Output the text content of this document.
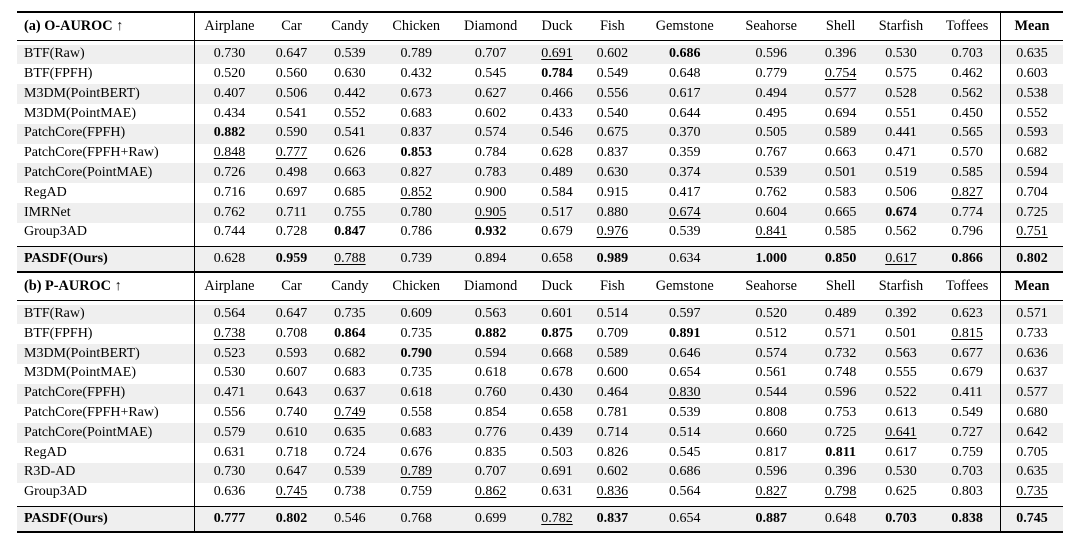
(a) O-AUROC ↑	Airplane	Car	Candy	Chicken	Diamond	Duck	Fish	Gemstone	Seahorse	Shell	Starfish	Toffees	Mean

BTF(Raw)	0.730	0.647	0.539	0.789	0.707	0.691	0.602	0.686	0.596	0.396	0.530	0.703	0.635
BTF(FPFH)	0.520	0.560	0.630	0.432	0.545	0.784	0.549	0.648	0.779	0.754	0.575	0.462	0.603
M3DM(PointBERT)	0.407	0.506	0.442	0.673	0.627	0.466	0.556	0.617	0.494	0.577	0.528	0.562	0.538
M3DM(PointMAE)	0.434	0.541	0.552	0.683	0.602	0.433	0.540	0.644	0.495	0.694	0.551	0.450	0.552
PatchCore(FPFH)	0.882	0.590	0.541	0.837	0.574	0.546	0.675	0.370	0.505	0.589	0.441	0.565	0.593
PatchCore(FPFH+Raw)	0.848	0.777	0.626	0.853	0.784	0.628	0.837	0.359	0.767	0.663	0.471	0.570	0.682
PatchCore(PointMAE)	0.726	0.498	0.663	0.827	0.783	0.489	0.630	0.374	0.539	0.501	0.519	0.585	0.594
RegAD	0.716	0.697	0.685	0.852	0.900	0.584	0.915	0.417	0.762	0.583	0.506	0.827	0.704
IMRNet	0.762	0.711	0.755	0.780	0.905	0.517	0.880	0.674	0.604	0.665	0.674	0.774	0.725
Group3AD	0.744	0.728	0.847	0.786	0.932	0.679	0.976	0.539	0.841	0.585	0.562	0.796	0.751

PASDF(Ours)	0.628	0.959	0.788	0.739	0.894	0.658	0.989	0.634	1.000	0.850	0.617	0.866	0.802
(b) P-AUROC ↑	Airplane	Car	Candy	Chicken	Diamond	Duck	Fish	Gemstone	Seahorse	Shell	Starfish	Toffees	Mean

BTF(Raw)	0.564	0.647	0.735	0.609	0.563	0.601	0.514	0.597	0.520	0.489	0.392	0.623	0.571
BTF(FPFH)	0.738	0.708	0.864	0.735	0.882	0.875	0.709	0.891	0.512	0.571	0.501	0.815	0.733
M3DM(PointBERT)	0.523	0.593	0.682	0.790	0.594	0.668	0.589	0.646	0.574	0.732	0.563	0.677	0.636
M3DM(PointMAE)	0.530	0.607	0.683	0.735	0.618	0.678	0.600	0.654	0.561	0.748	0.555	0.679	0.637
PatchCore(FPFH)	0.471	0.643	0.637	0.618	0.760	0.430	0.464	0.830	0.544	0.596	0.522	0.411	0.577
PatchCore(FPFH+Raw)	0.556	0.740	0.749	0.558	0.854	0.658	0.781	0.539	0.808	0.753	0.613	0.549	0.680
PatchCore(PointMAE)	0.579	0.610	0.635	0.683	0.776	0.439	0.714	0.514	0.660	0.725	0.641	0.727	0.642
RegAD	0.631	0.718	0.724	0.676	0.835	0.503	0.826	0.545	0.817	0.811	0.617	0.759	0.705
R3D-AD	0.730	0.647	0.539	0.789	0.707	0.691	0.602	0.686	0.596	0.396	0.530	0.703	0.635
Group3AD	0.636	0.745	0.738	0.759	0.862	0.631	0.836	0.564	0.827	0.798	0.625	0.803	0.735

PASDF(Ours)	0.777	0.802	0.546	0.768	0.699	0.782	0.837	0.654	0.887	0.648	0.703	0.838	0.745
